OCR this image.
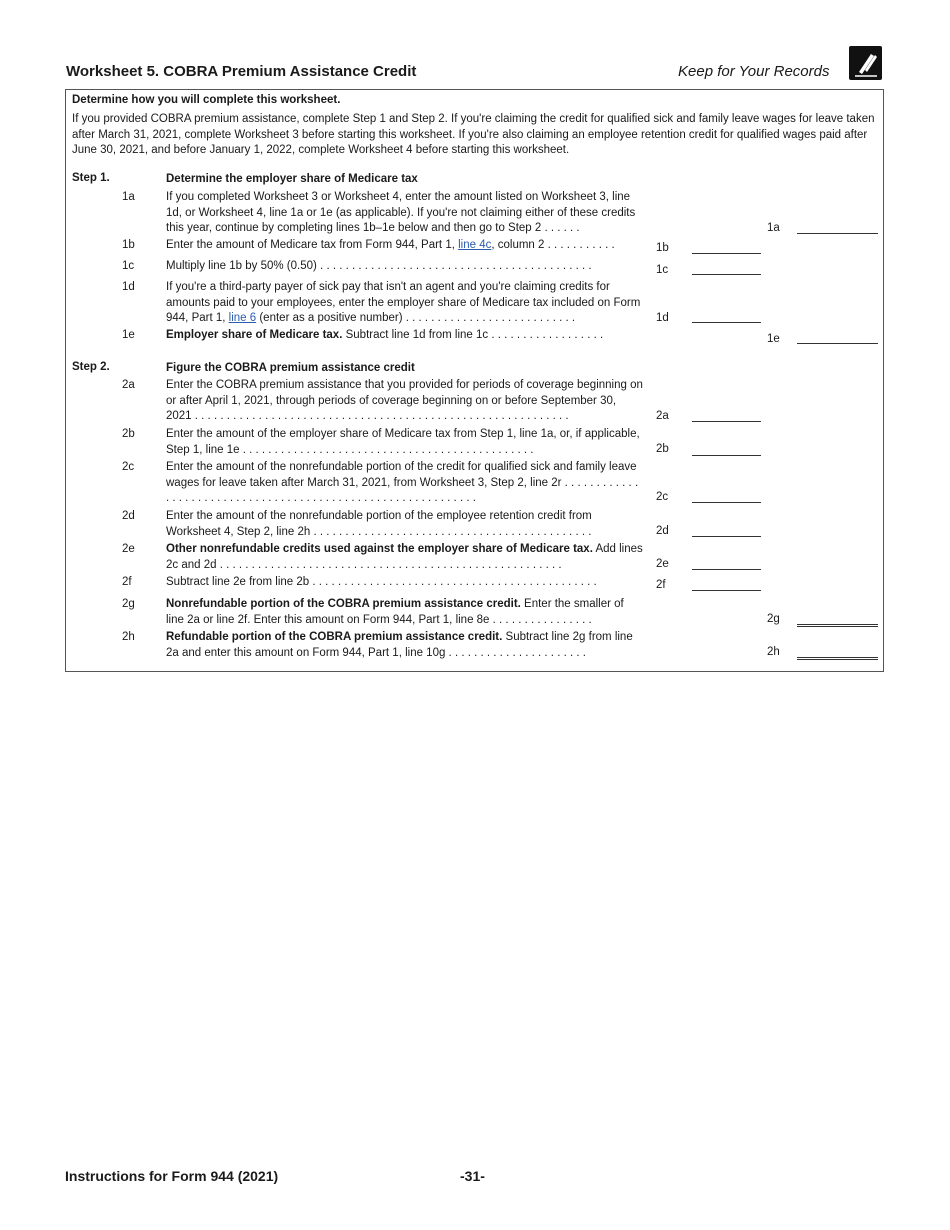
Worksheet 5. COBRA Premium Assistance Credit	Keep for Your Records
Determine how you will complete this worksheet.
If you provided COBRA premium assistance, complete Step 1 and Step 2. If you're claiming the credit for qualified sick and family leave wages for leave taken after March 31, 2021, complete Worksheet 3 before starting this worksheet. If you're also claiming an employee retention credit for qualified wages paid after June 30, 2021, and before January 1, 2022, complete Worksheet 4 before starting this worksheet.
Step 1.	Determine the employer share of Medicare tax
1a	If you completed Worksheet 3 or Worksheet 4, enter the amount listed on Worksheet 3, line 1d, or Worksheet 4, line 1a or 1e (as applicable). If you're not claiming either of these credits this year, continue by completing lines 1b–1e below and then go to Step 2 . . . . . .	1a
1b	Enter the amount of Medicare tax from Form 944, Part 1, line 4c, column 2 . . . . . . . . . . .	1b
1c	Multiply line 1b by 50% (0.50) . . . . . . . . . . . . . . . . . . . . . . . . . . . . . . . . . . . . . . . . . . .	1c
1d	If you're a third-party payer of sick pay that isn't an agent and you're claiming credits for amounts paid to your employees, enter the employer share of Medicare tax included on Form 944, Part 1, line 6 (enter as a positive number) . . . . . . . . . . . . . . . . . . . . . . . . . . .	1d
1e	Employer share of Medicare tax. Subtract line 1d from line 1c . . . . . . . . . . . . . . . . . .	1e
Step 2.	Figure the COBRA premium assistance credit
2a	Enter the COBRA premium assistance that you provided for periods of coverage beginning on or after April 1, 2021, through periods of coverage beginning on or before September 30, 2021 . . . . . . . . . . . . . . . . . . . . . . . . . . . . . . . . . . . . . . . . . . . . . . . . . . . . . . . . . . .	2a
2b	Enter the amount of the employer share of Medicare tax from Step 1, line 1a, or, if applicable, Step 1, line 1e . . . . . . . . . . . . . . . . . . . . . . . . . . . . . . . . . . . . . . . . . . . . . .	2b
2c	Enter the amount of the nonrefundable portion of the credit for qualified sick and family leave wages for leave taken after March 31, 2021, from Worksheet 3, Step 2, line 2r . . . . . . . . . . . . . . . . . . . . . . . . . . . . . . . . . . . . . . . . . . . . . . . . . . . . . . . . . . . . .	2c
2d	Enter the amount of the nonrefundable portion of the employee retention credit from Worksheet 4, Step 2, line 2h . . . . . . . . . . . . . . . . . . . . . . . . . . . . . . . . . . . . . . . . . . . .	2d
2e	Other nonrefundable credits used against the employer share of Medicare tax. Add lines 2c and 2d . . . . . . . . . . . . . . . . . . . . . . . . . . . . . . . . . . . . . . . . . . . . . . . . . . . . . .	2e
2f	Subtract line 2e from line 2b . . . . . . . . . . . . . . . . . . . . . . . . . . . . . . . . . . . . . . . . . . . . .	2f
2g	Nonrefundable portion of the COBRA premium assistance credit. Enter the smaller of line 2a or line 2f. Enter this amount on Form 944, Part 1, line 8e . . . . . . . . . . . . . . . .	2g
2h	Refundable portion of the COBRA premium assistance credit. Subtract line 2g from line 2a and enter this amount on Form 944, Part 1, line 10g . . . . . . . . . . . . . . . . . . . . . .	2h
Instructions for Form 944 (2021)	-31-
